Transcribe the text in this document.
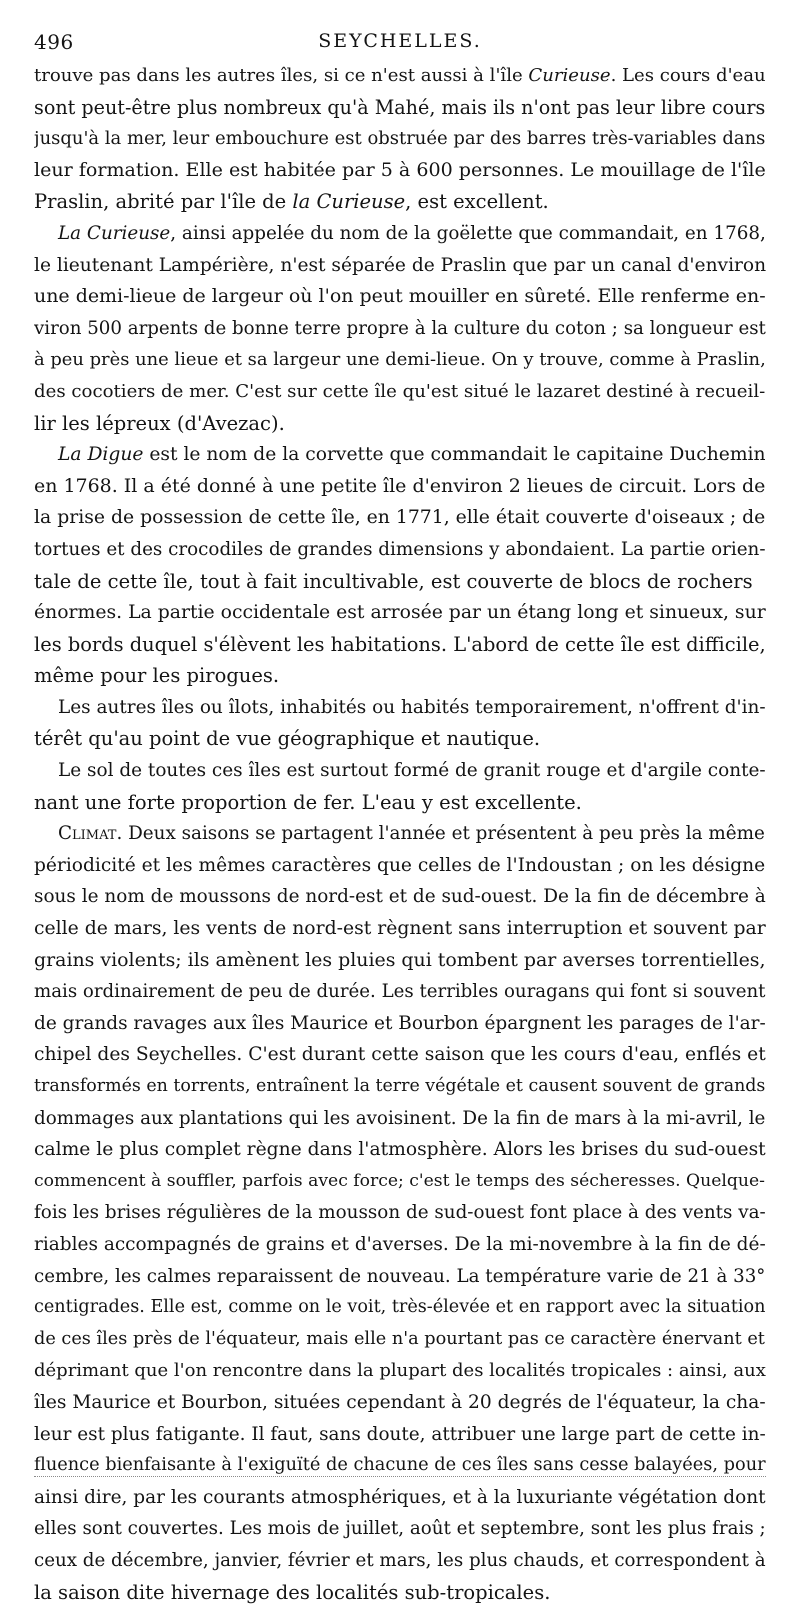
496	SEYCHELLES.

trouve pas dans les autres îles, si ce n'est aussi à l'île Curieuse. Les cours d'eau
sont peut-être plus nombreux qu'à Mahé, mais ils n'ont pas leur libre cours
jusqu'à la mer, leur embouchure est obstruée par des barres très-variables dans
leur formation. Elle est habitée par 5 à 600 personnes. Le mouillage de l'île
Praslin, abrité par l'île de la Curieuse, est excellent.

La Curieuse, ainsi appelée du nom de la goëlette que commandait, en 1768,
le lieutenant Lampérière, n'est séparée de Praslin que par un canal d'environ
une demi-lieue de largeur où l'on peut mouiller en sûreté. Elle renferme en-
viron 500 arpents de bonne terre propre à la culture du coton ; sa longueur est
à peu près une lieue et sa largeur une demi-lieue. On y trouve, comme à Praslin,
des cocotiers de mer. C'est sur cette île qu'est situé le lazaret destiné à recueil-
lir les lépreux (d'Avezac).

La Digue est le nom de la corvette que commandait le capitaine Duchemin
en 1768. Il a été donné à une petite île d'environ 2 lieues de circuit. Lors de
la prise de possession de cette île, en 1771, elle était couverte d'oiseaux ; de
tortues et des crocodiles de grandes dimensions y abondaient. La partie orien-
tale de cette île, tout à fait incultivable, est couverte de blocs de rochers
énormes. La partie occidentale est arrosée par un étang long et sinueux, sur
les bords duquel s'élèvent les habitations. L'abord de cette île est difficile,
même pour les pirogues.

Les autres îles ou îlots, inhabités ou habités temporairement, n'offrent d'in-
térêt qu'au point de vue géographique et nautique.

Le sol de toutes ces îles est surtout formé de granit rouge et d'argile conte-
nant une forte proportion de fer. L'eau y est excellente.

Climat. Deux saisons se partagent l'année et présentent à peu près la même
périodicité et les mêmes caractères que celles de l'Indoustan ; on les désigne
sous le nom de moussons de nord-est et de sud-ouest. De la fin de décembre à
celle de mars, les vents de nord-est règnent sans interruption et souvent par
grains violents; ils amènent les pluies qui tombent par averses torrentielles,
mais ordinairement de peu de durée. Les terribles ouragans qui font si souvent
de grands ravages aux îles Maurice et Bourbon épargnent les parages de l'ar-
chipel des Seychelles. C'est durant cette saison que les cours d'eau, enflés et
transformés en torrents, entraînent la terre végétale et causent souvent de grands
dommages aux plantations qui les avoisinent. De la fin de mars à la mi-avril, le
calme le plus complet règne dans l'atmosphère. Alors les brises du sud-ouest
commencent à souffler, parfois avec force; c'est le temps des sécheresses. Quelque-
fois les brises régulières de la mousson de sud-ouest font place à des vents va-
riables accompagnés de grains et d'averses. De la mi-novembre à la fin de dé-
cembre, les calmes reparaissent de nouveau. La température varie de 21 à 33°
centigrades. Elle est, comme on le voit, très-élevée et en rapport avec la situation
de ces îles près de l'équateur, mais elle n'a pourtant pas ce caractère énervant et
déprimant que l'on rencontre dans la plupart des localités tropicales : ainsi, aux
îles Maurice et Bourbon, situées cependant à 20 degrés de l'équateur, la cha-
leur est plus fatigante. Il faut, sans doute, attribuer une large part de cette in-
fluence bienfaisante à l'exiguïté de chacune de ces îles sans cesse balayées, pour
ainsi dire, par les courants atmosphériques, et à la luxuriante végétation dont
elles sont couvertes. Les mois de juillet, août et septembre, sont les plus frais ;
ceux de décembre, janvier, février et mars, les plus chauds, et correspondent à
la saison dite hivernage des localités sub-tropicales.
